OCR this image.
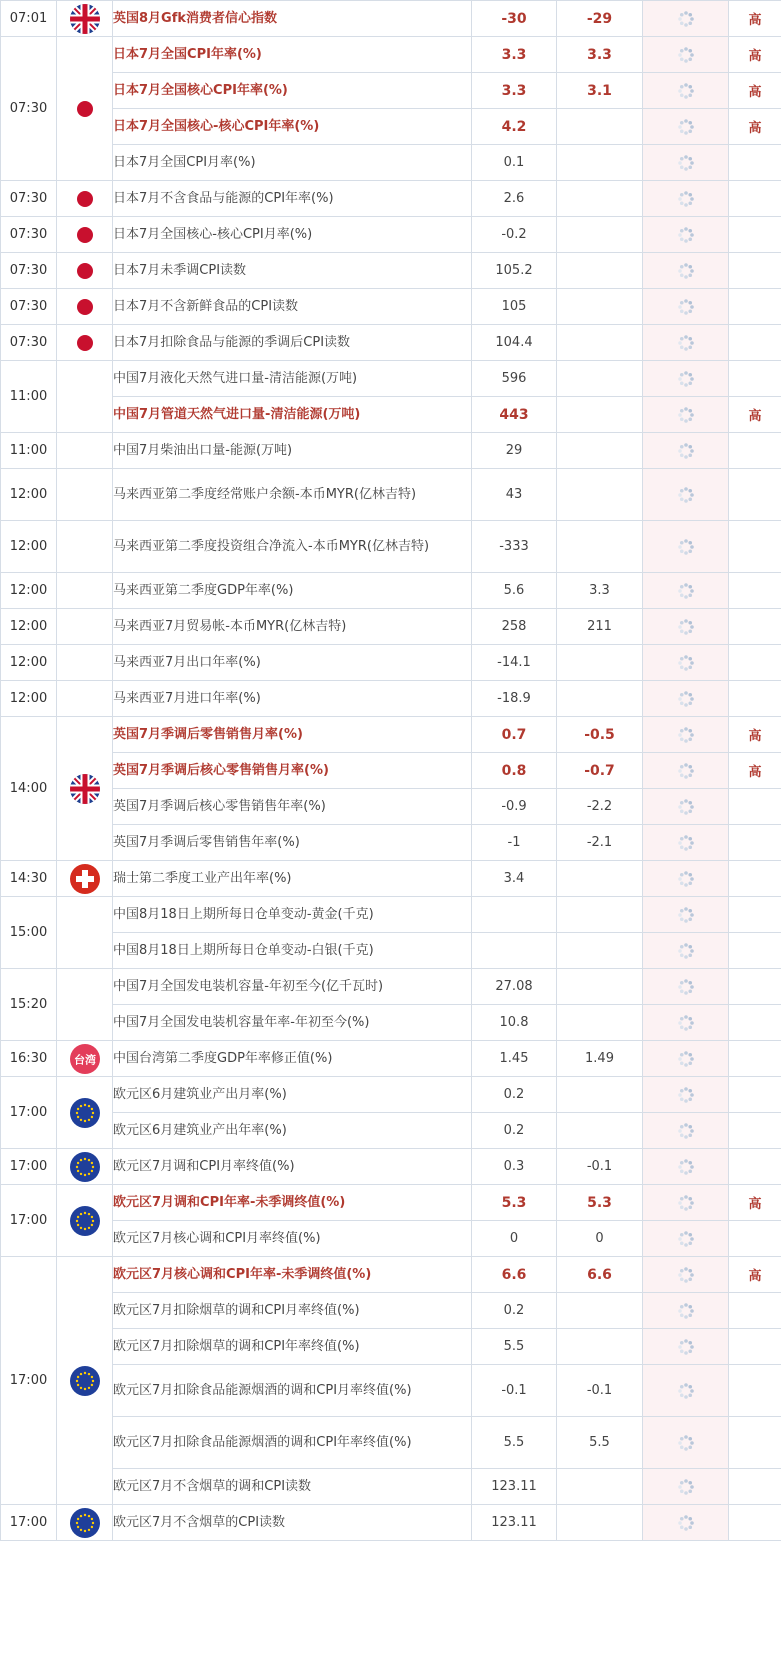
07:01		英国8月Gfk消费者信心指数	-30	-29		高
07:30		日本7月全国CPI年率(%)	3.3	3.3		高
		日本7月全国核心CPI年率(%)	3.3	3.1		高
		日本7月全国核心-核心CPI年率(%)	4.2			高
		日本7月全国CPI月率(%)	0.1			
07:30		日本7月不含食品与能源的CPI年率(%)	2.6			
07:30		日本7月全国核心-核心CPI月率(%)	-0.2			
07:30		日本7月未季调CPI读数	105.2			
07:30		日本7月不含新鲜食品的CPI读数	105			
07:30		日本7月扣除食品与能源的季调后CPI读数	104.4			
11:00		中国7月液化天然气进口量-清洁能源(万吨)	596			
		中国7月管道天然气进口量-清洁能源(万吨)	443			高
11:00		中国7月柴油出口量-能源(万吨)	29			
12:00		马来西亚第二季度经常账户余额-本币MYR(亿林吉特)	43			
12:00		马来西亚第二季度投资组合净流入-本币MYR(亿林吉特)	-333			
12:00		马来西亚第二季度GDP年率(%)	5.6	3.3		
12:00		马来西亚7月贸易帐-本币MYR(亿林吉特)	258	211		
12:00		马来西亚7月出口年率(%)	-14.1			
12:00		马来西亚7月进口年率(%)	-18.9			
14:00		英国7月季调后零售销售月率(%)	0.7	-0.5		高
		英国7月季调后核心零售销售月率(%)	0.8	-0.7		高
		英国7月季调后核心零售销售年率(%)	-0.9	-2.2		
		英国7月季调后零售销售年率(%)	-1	-2.1		
14:30		瑞士第二季度工业产出年率(%)	3.4			
15:00		中国8月18日上期所每日仓单变动-黄金(千克)				
		中国8月18日上期所每日仓单变动-白银(千克)				
15:20		中国7月全国发电装机容量-年初至今(亿千瓦时)	27.08			
		中国7月全国发电装机容量年率-年初至今(%)	10.8			
16:30	台湾	中国台湾第二季度GDP年率修正值(%)	1.45	1.49		
17:00		欧元区6月建筑业产出月率(%)	0.2			
		欧元区6月建筑业产出年率(%)	0.2			
17:00		欧元区7月调和CPI月率终值(%)	0.3	-0.1		
17:00		欧元区7月调和CPI年率-未季调终值(%)	5.3	5.3		高
		欧元区7月核心调和CPI月率终值(%)	0	0		
17:00		欧元区7月核心调和CPI年率-未季调终值(%)	6.6	6.6		高
		欧元区7月扣除烟草的调和CPI月率终值(%)	0.2			
		欧元区7月扣除烟草的调和CPI年率终值(%)	5.5			
		欧元区7月扣除食品能源烟酒的调和CPI月率终值(%)	-0.1	-0.1		
		欧元区7月扣除食品能源烟酒的调和CPI年率终值(%)	5.5	5.5		
		欧元区7月不含烟草的调和CPI读数	123.11			
17:00		欧元区7月不含烟草的CPI读数	123.11			
